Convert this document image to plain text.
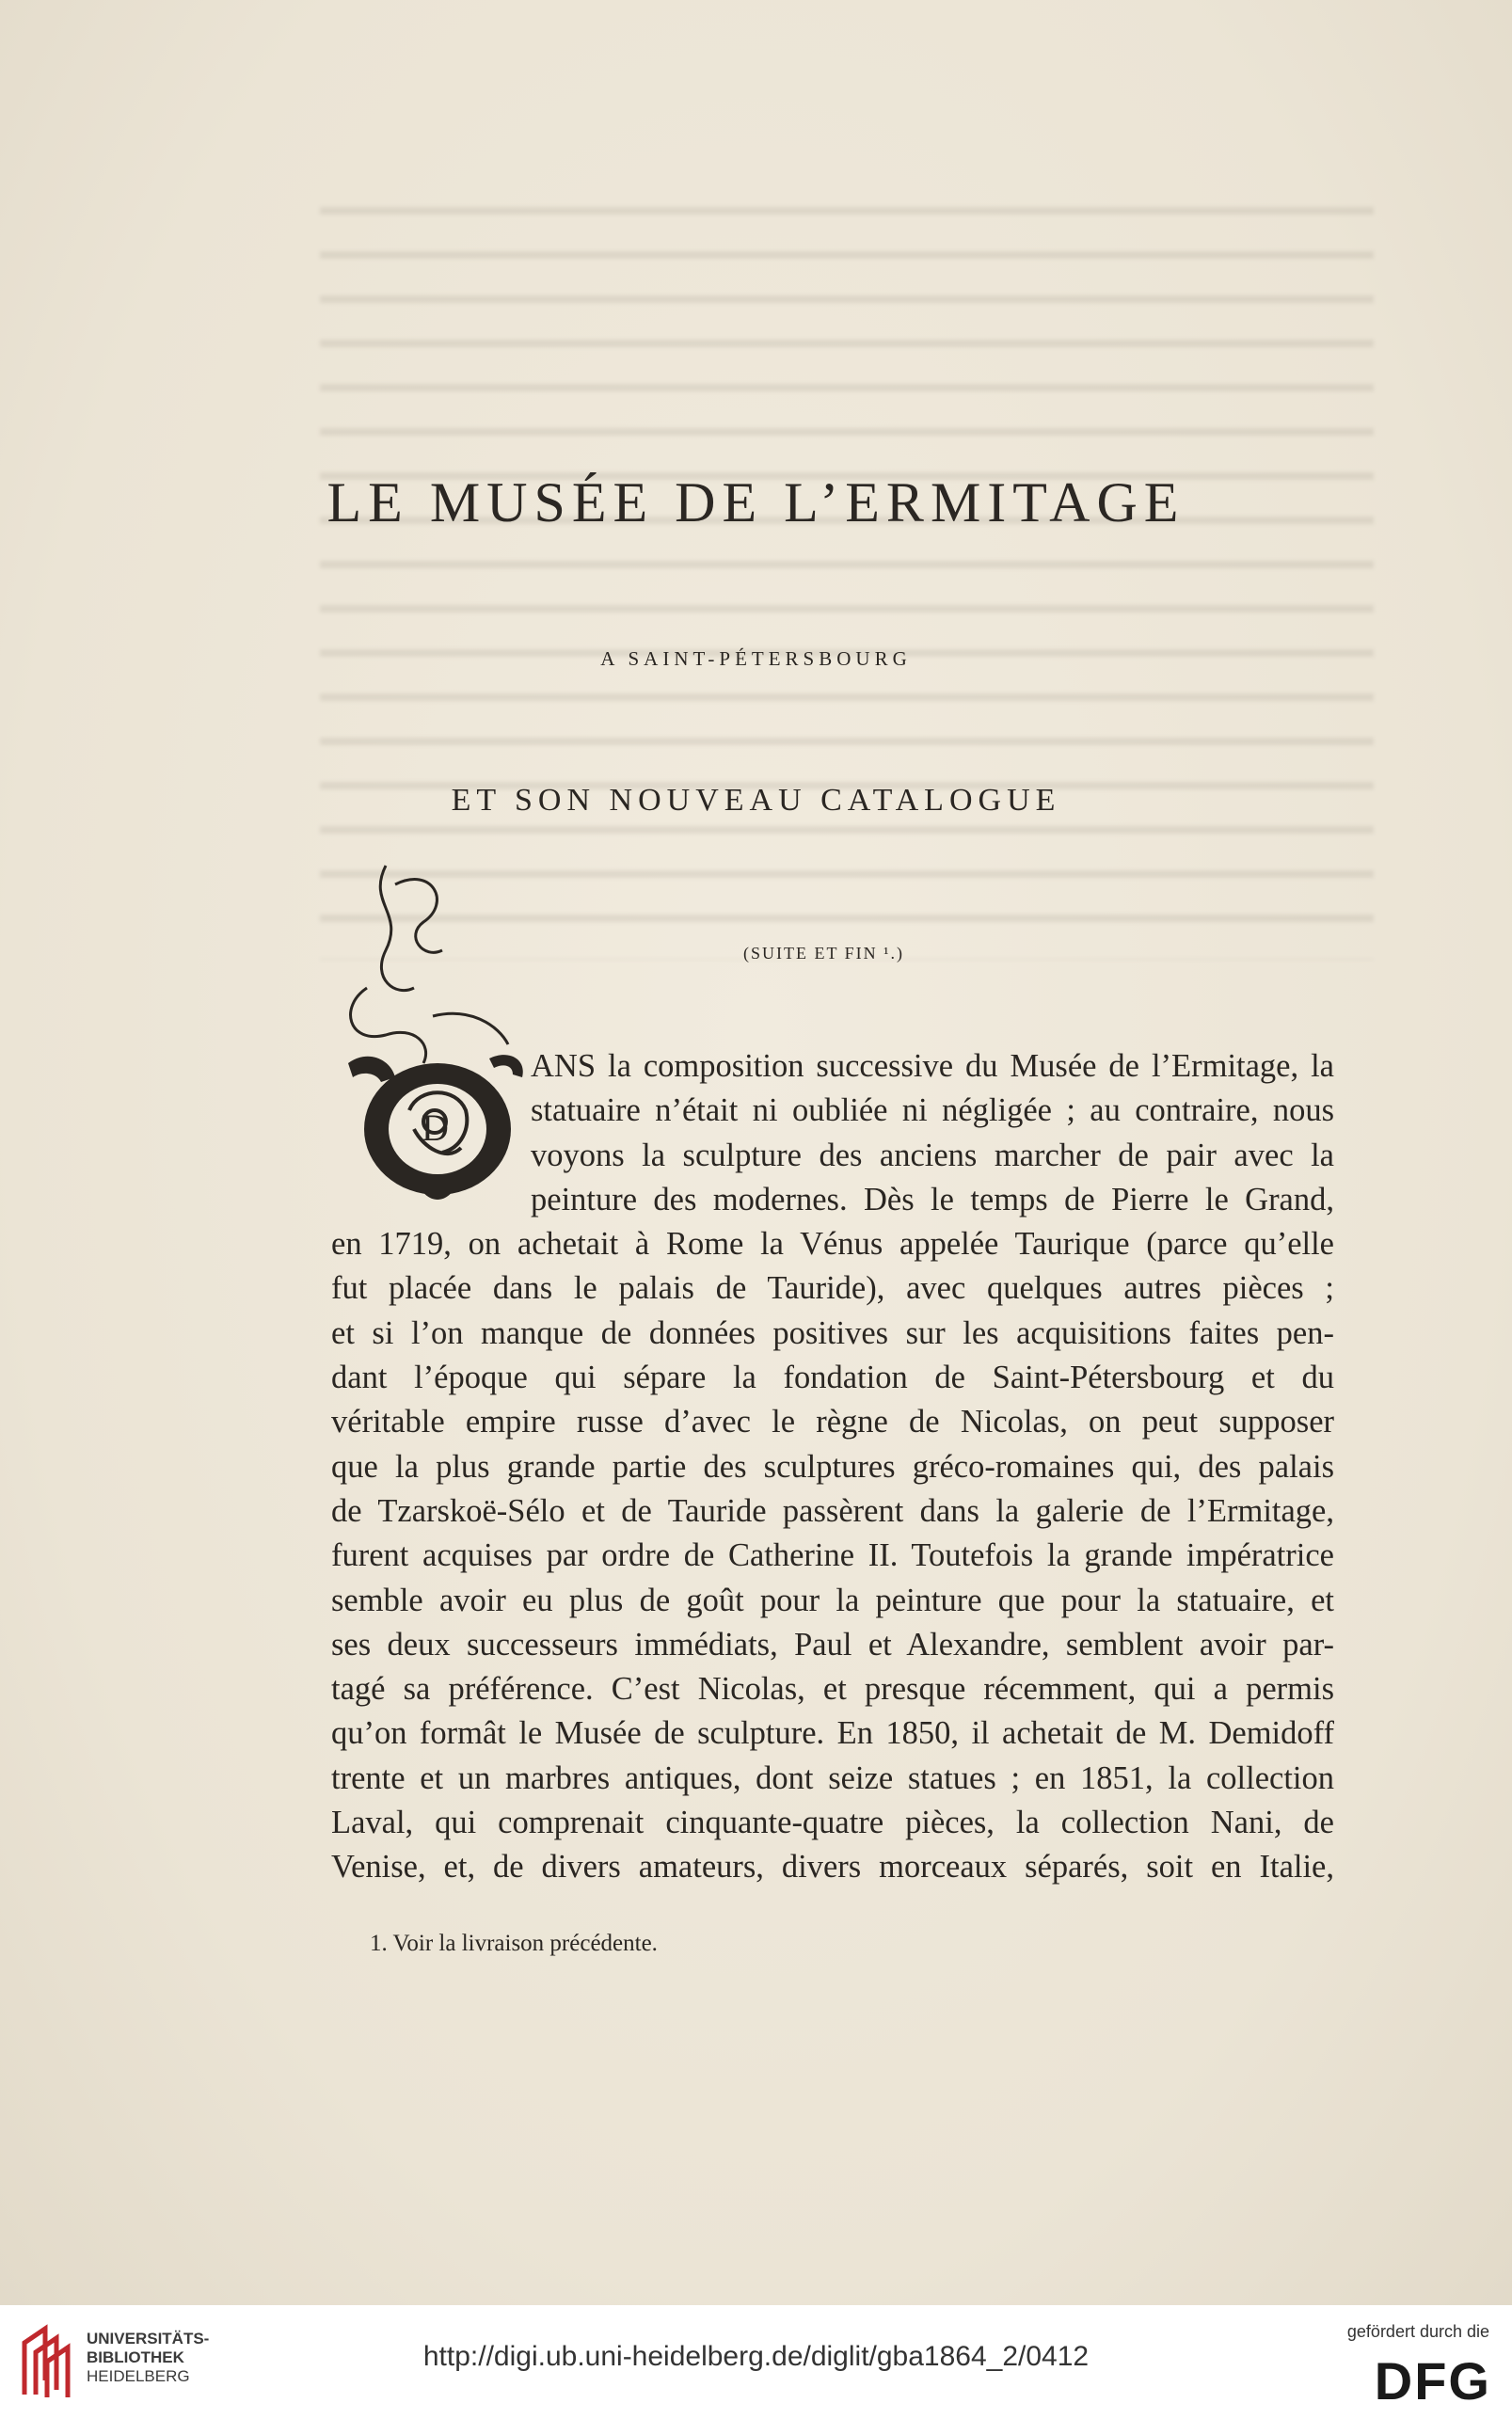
LE MUSÉE DE L’ERMITAGE
A SAINT-PÉTERSBOURG
ET SON NOUVEAU CATALOGUE
(SUITE ET FIN ¹.)
D
ANS la composition successive du Musée de l’Ermitage, la
statuaire n’était ni oubliée ni négligée ; au contraire, nous
voyons la sculpture des anciens marcher de pair avec la
peinture des modernes. Dès le temps de Pierre le Grand,
en 1719, on achetait à Rome la Vénus appelée Taurique (parce qu’elle
fut placée dans le palais de Tauride), avec quelques autres pièces ;
et si l’on manque de données positives sur les acquisitions faites pen-
dant l’époque qui sépare la fondation de Saint-Pétersbourg et du
véritable empire russe d’avec le règne de Nicolas, on peut supposer
que la plus grande partie des sculptures gréco-romaines qui, des palais
de Tzarskoë-Sélo et de Tauride passèrent dans la galerie de l’Ermitage,
furent acquises par ordre de Catherine II. Toutefois la grande impératrice
semble avoir eu plus de goût pour la peinture que pour la statuaire, et
ses deux successeurs immédiats, Paul et Alexandre, semblent avoir par-
tagé sa préférence. C’est Nicolas, et presque récemment, qui a permis
qu’on formât le Musée de sculpture. En 1850, il achetait de M. Demidoff
trente et un marbres antiques, dont seize statues ; en 1851, la collection
Laval, qui comprenait cinquante-quatre pièces, la collection Nani, de
Venise, et, de divers amateurs, divers morceaux séparés, soit en Italie,
1. Voir la livraison précédente.
UNIVERSITÄTS-
BIBLIOTHEK
HEIDELBERG
http://digi.ub.uni-heidelberg.de/diglit/gba1864_2/0412
gefördert durch die
DFG
